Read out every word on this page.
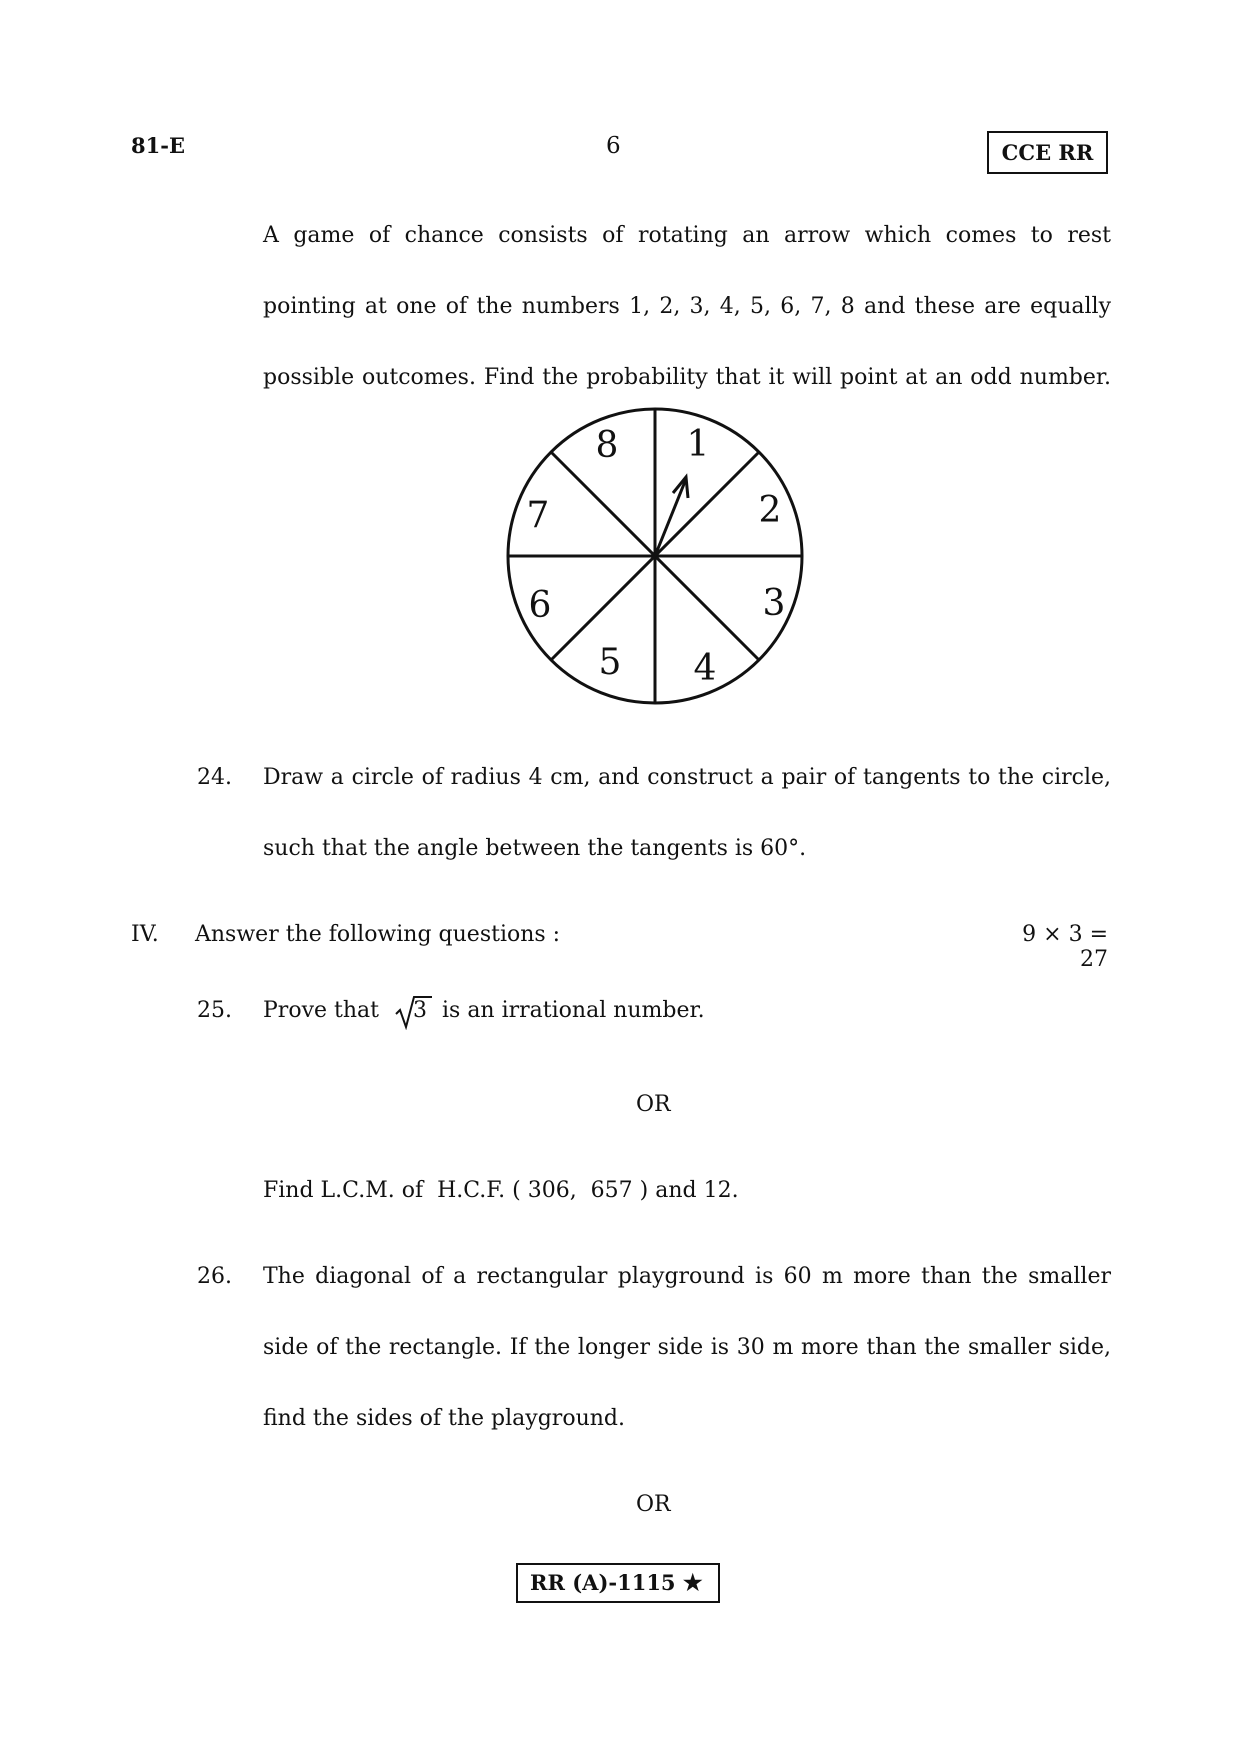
81-E	6	CCE RR
A game of chance consists of rotating an arrow which comes to rest
pointing at one of the numbers 1, 2, 3, 4, 5, 6, 7, 8 and these are equally
possible outcomes. Find the probability that it will point at an odd number.
1
2
3
4
5
6
7
8
24. Draw a circle of radius 4 cm, and construct a pair of tangents to the circle,
such that the angle between the tangents is 60°.
IV. Answer the following questions :	9 × 3 = 27
25. Prove that 3 is an irrational number.
OR
Find L.C.M. of  H.C.F. ( 306,  657 ) and 12.
26. The diagonal of a rectangular playground is 60 m more than the smaller
side of the rectangle. If the longer side is 30 m more than the smaller side,
find the sides of the playground.
OR
RR (A)-1115 ★
